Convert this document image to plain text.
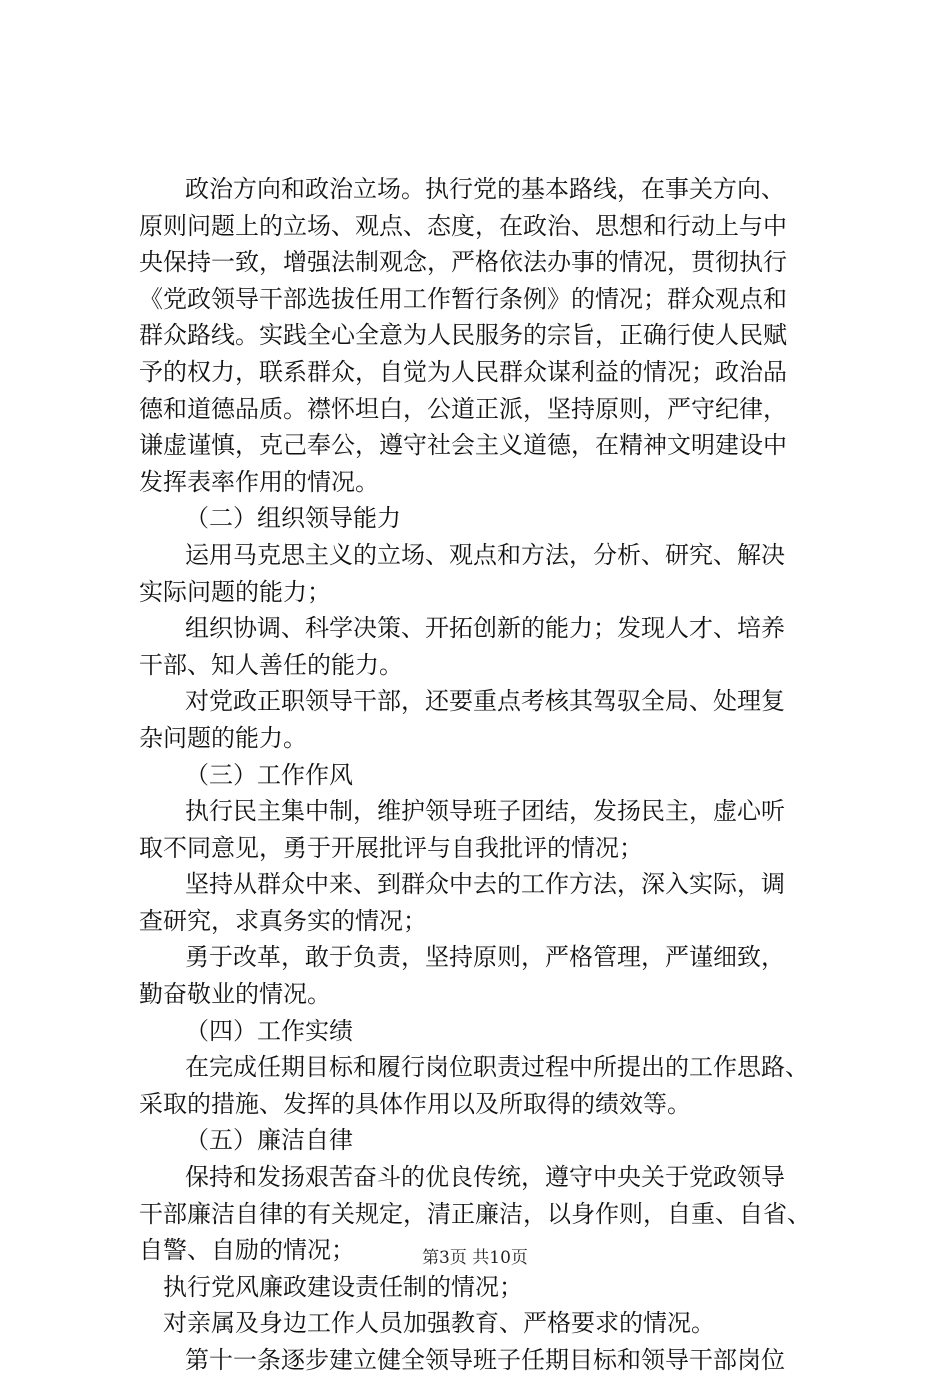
政治方向和政治立场。执行党的基本路线，在事关方向、
原则问题上的立场、观点、态度，在政治、思想和行动上与中
央保持一致，增强法制观念，严格依法办事的情况，贯彻执行
《党政领导干部选拔任用工作暂行条例》的情况；群众观点和
群众路线。实践全心全意为人民服务的宗旨，正确行使人民赋
予的权力，联系群众，自觉为人民群众谋利益的情况；政治品
德和道德品质。襟怀坦白，公道正派，坚持原则，严守纪律，
谦虚谨慎，克己奉公，遵守社会主义道德，在精神文明建设中
发挥表率作用的情况。
（二）组织领导能力
运用马克思主义的立场、观点和方法，分析、研究、解决
实际问题的能力；
组织协调、科学决策、开拓创新的能力；发现人才、培养
干部、知人善任的能力。
对党政正职领导干部，还要重点考核其驾驭全局、处理复
杂问题的能力。
（三）工作作风
执行民主集中制，维护领导班子团结，发扬民主，虚心听
取不同意见，勇于开展批评与自我批评的情况；
坚持从群众中来、到群众中去的工作方法，深入实际，调
查研究，求真务实的情况；
勇于改革，敢于负责，坚持原则，严格管理，严谨细致，
勤奋敬业的情况。
（四）工作实绩
在完成任期目标和履行岗位职责过程中所提出的工作思路、
采取的措施、发挥的具体作用以及所取得的绩效等。
（五）廉洁自律
保持和发扬艰苦奋斗的优良传统，遵守中央关于党政领导
干部廉洁自律的有关规定，清正廉洁，以身作则，自重、自省、
自警、自励的情况；
执行党风廉政建设责任制的情况；
对亲属及身边工作人员加强教育、严格要求的情况。
第十一条逐步建立健全领导班子任期目标和领导干部岗位
第3页 共10页
